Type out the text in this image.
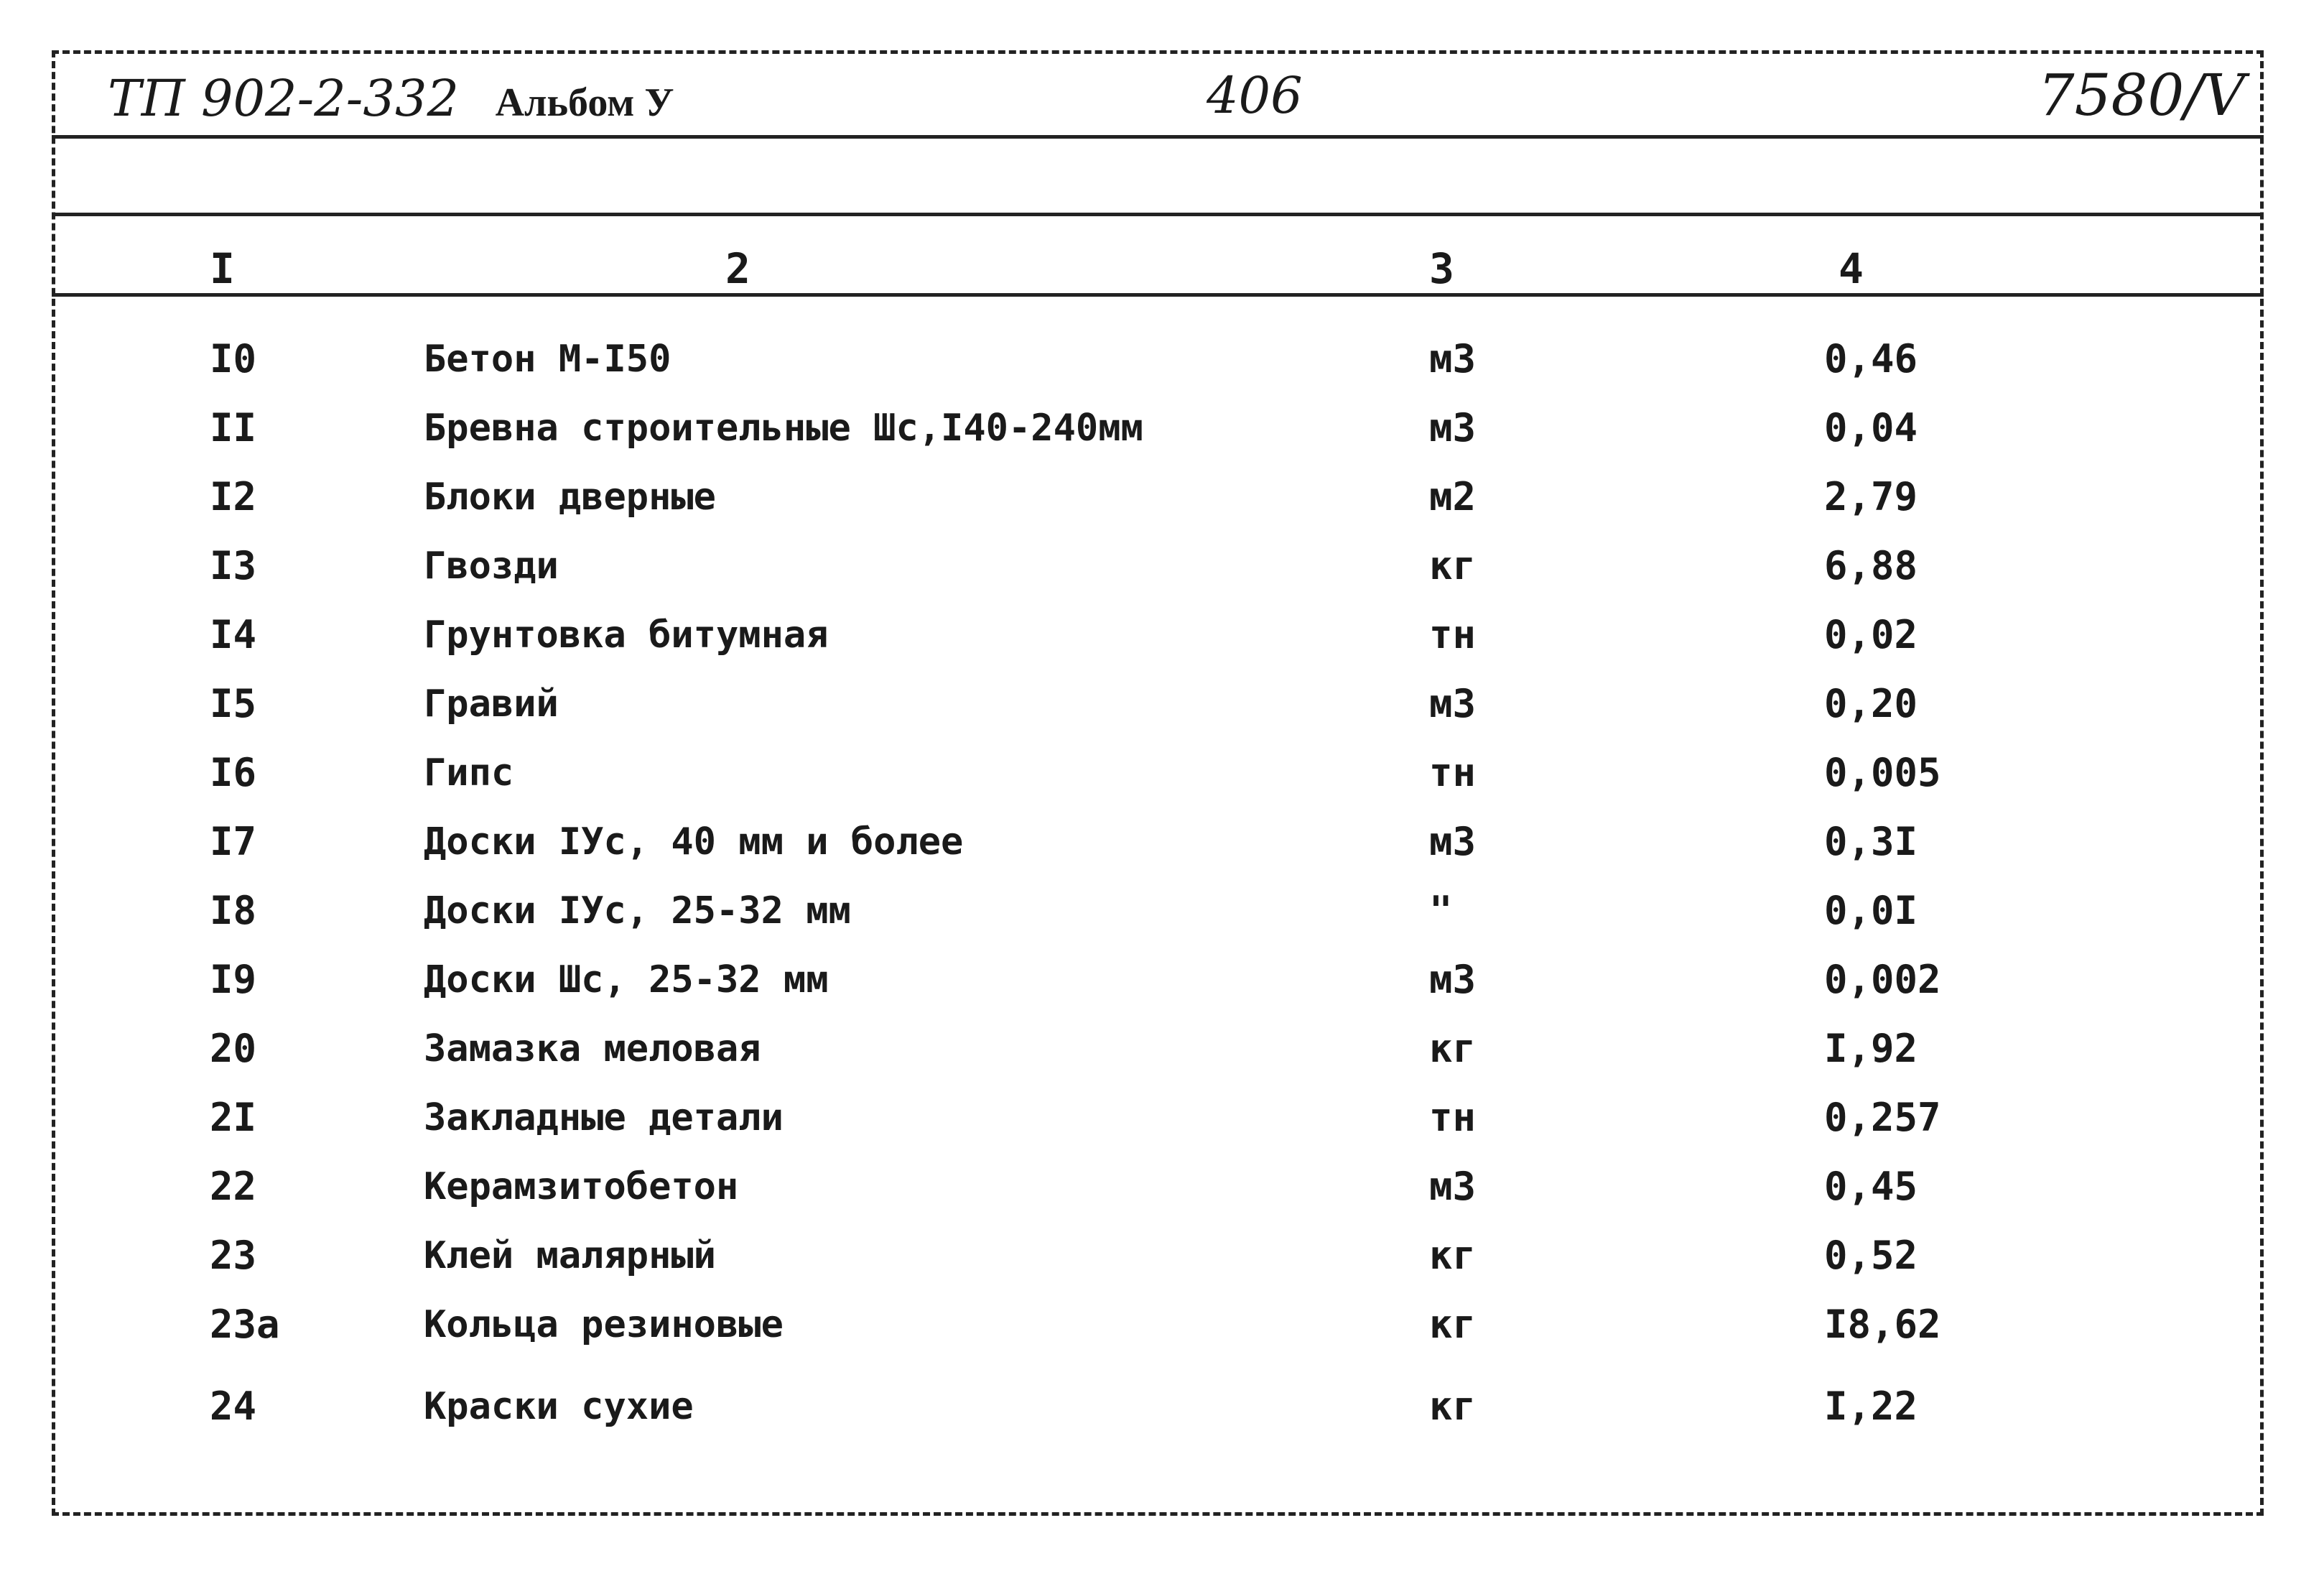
ТП 902-2-332 Альбом У	406	7580/V
I	2	3	4
I0	Бетон М-I50	м3	0,46
II	Бревна строительные Шс,I40-240мм	м3	0,04
I2	Блоки дверные	м2	2,79
I3	Гвозди	кг	6,88
I4	Грунтовка битумная	тн	0,02
I5	Гравий	м3	0,20
I6	Гипс	тн	0,005
I7	Доски IУс, 40 мм и более	м3	0,3I
I8	Доски IУс, 25-32 мм	"	0,0I
I9	Доски Шс, 25-32 мм	м3	0,002
20	Замазка меловая	кг	I,92
2I	Закладные детали	тн	0,257
22	Керамзитобетон	м3	0,45
23	Клей малярный	кг	0,52
23а	Кольца резиновые	кг	I8,62
24	Краски сухие	кг	I,22
